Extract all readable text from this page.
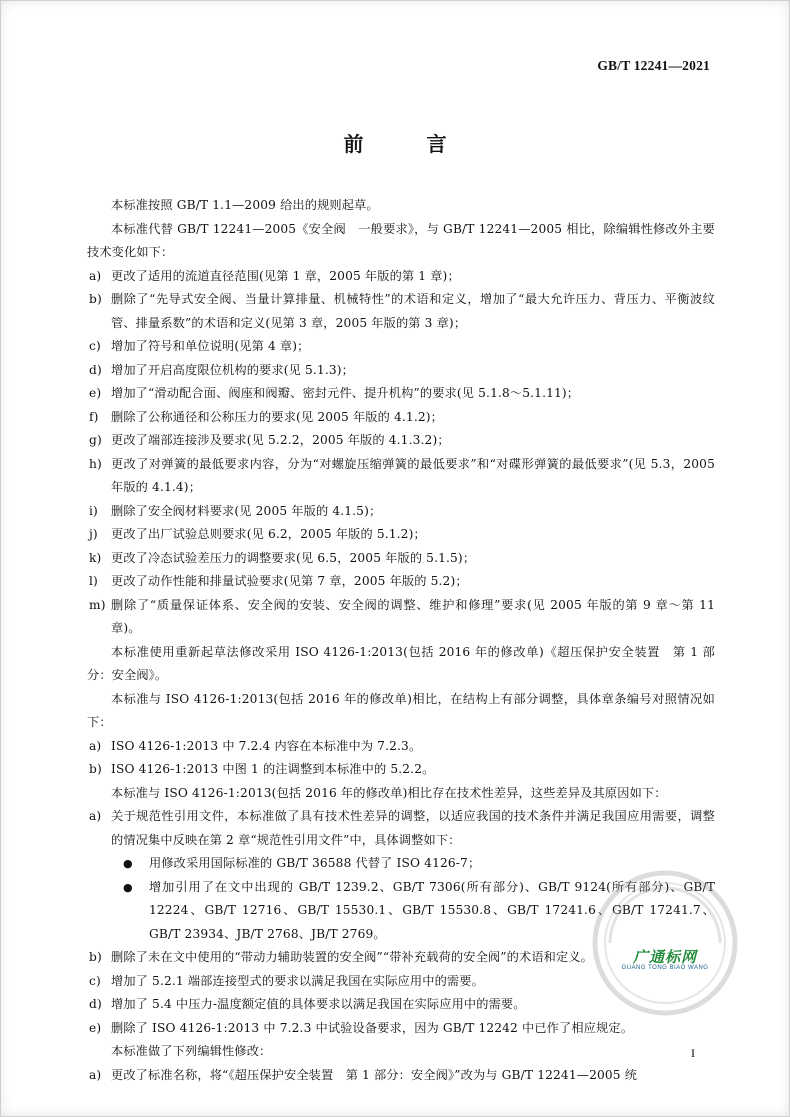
GB/T 12241—2021
前 言
本标准按照 GB/T 1.1—2009 给出的规则起草。
本标准代替 GB/T 12241—2005《安全阀　一般要求》，与 GB/T 12241—2005 相比，除编辑性修改外主要技术变化如下：
a) 更改了适用的流道直径范围(见第 1 章，2005 年版的第 1 章)；
b) 删除了“先导式安全阀、当量计算排量、机械特性”的术语和定义，增加了“最大允许压力、背压力、平衡波纹管、排量系数”的术语和定义(见第 3 章，2005 年版的第 3 章)；
c) 增加了符号和单位说明(见第 4 章)；
d) 增加了开启高度限位机构的要求(见 5.1.3)；
e) 增加了“滑动配合面、阀座和阀瓣、密封元件、提升机构”的要求(见 5.1.8～5.1.11)；
f)	删除了公称通径和公称压力的要求(见 2005 年版的 4.1.2)；
g) 更改了端部连接涉及要求(见 5.2.2，2005 年版的 4.1.3.2)；
h) 更改了对弹簧的最低要求内容，分为“对螺旋压缩弹簧的最低要求”和“对碟形弹簧的最低要求”(见 5.3，2005 年版的 4.1.4)；
i)	删除了安全阀材料要求(见 2005 年版的 4.1.5)；
j)	更改了出厂试验总则要求(见 6.2，2005 年版的 5.1.2)；
k) 更改了冷态试验差压力的调整要求(见 6.5，2005 年版的 5.1.5)；
l)	更改了动作性能和排量试验要求(见第 7 章，2005 年版的 5.2)；
m) 删除了“质量保证体系、安全阀的安装、安全阀的调整、维护和修理”要求(见 2005 年版的第 9 章～第 11 章)。
本标准使用重新起草法修改采用 ISO 4126-1:2013(包括 2016 年的修改单)《超压保护安全装置　第 1 部分：安全阀》。
本标准与 ISO 4126-1:2013(包括 2016 年的修改单)相比，在结构上有部分调整，具体章条编号对照情况如下：
a) ISO 4126-1:2013 中 7.2.4 内容在本标准中为 7.2.3。
b) ISO 4126-1:2013 中图 1 的注调整到本标准中的 5.2.2。
本标准与 ISO 4126-1:2013(包括 2016 年的修改单)相比存在技术性差异，这些差异及其原因如下：
a) 关于规范性引用文件，本标准做了具有技术性差异的调整，以适应我国的技术条件并满足我国应用需要，调整的情况集中反映在第 2 章“规范性引用文件”中，具体调整如下：
●	用修改采用国际标准的 GB/T 36588 代替了 ISO 4126-7；
●	增加引用了在文中出现的 GB/T 1239.2、GB/T 7306(所有部分)、GB/T 9124(所有部分)、GB/T 12224、GB/T 12716、GB/T 15530.1、GB/T 15530.8、GB/T 17241.6、GB/T 17241.7、GB/T 23934、JB/T 2768、JB/T 2769。
b) 删除了未在文中使用的“带动力辅助装置的安全阀”“带补充载荷的安全阀”的术语和定义。
c) 增加了 5.2.1 端部连接型式的要求以满足我国在实际应用中的需要。
d) 增加了 5.4 中压力-温度额定值的具体要求以满足我国在实际应用中的需要。
e) 删除了 ISO 4126-1:2013 中 7.2.3 中试验设备要求，因为 GB/T 12242 中已作了相应规定。
本标准做了下列编辑性修改：
a) 更改了标准名称，将“《超压保护安全装置　第 1 部分：安全阀》”改为与 GB/T 12241—2005 统
广通标网
GUANG TONG BIAO WANG
I
